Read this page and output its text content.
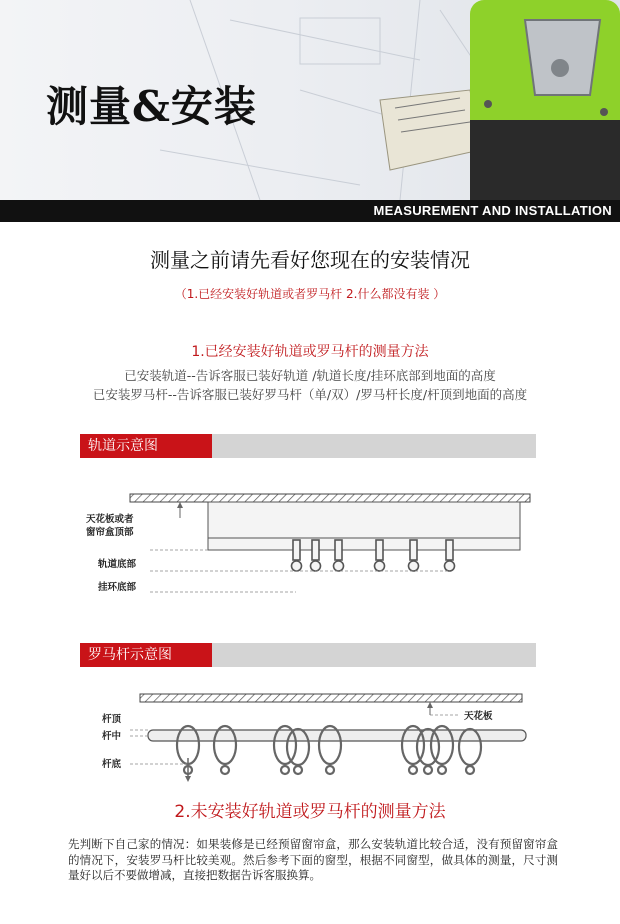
测量&安装
MEASUREMENT AND INSTALLATION
测量之前请先看好您现在的安装情况
（1.已经安装好轨道或者罗马杆 2.什么都没有装 ）
1.已经安装好轨道或罗马杆的测量方法
已安装轨道--告诉客服已装好轨道 /轨道长度/挂环底部到地面的高度
已安装罗马杆--告诉客服已装好罗马杆（单/双）/罗马杆长度/杆顶到地面的高度
轨道示意图
天花板或者
窗帘盒顶部
轨道底部
挂环底部
罗马杆示意图
杆顶
杆中
杆底
天花板
2.未安装好轨道或罗马杆的测量方法
先判断下自己家的情况：如果装修是已经预留窗帘盒，那么安装轨道比较合适，没有预留窗帘盒的情况下，安装罗马杆比较美观。然后参考下面的窗型，根据不同窗型，做具体的测量，尺寸测量好以后不要做增减，直接把数据告诉客服换算。
